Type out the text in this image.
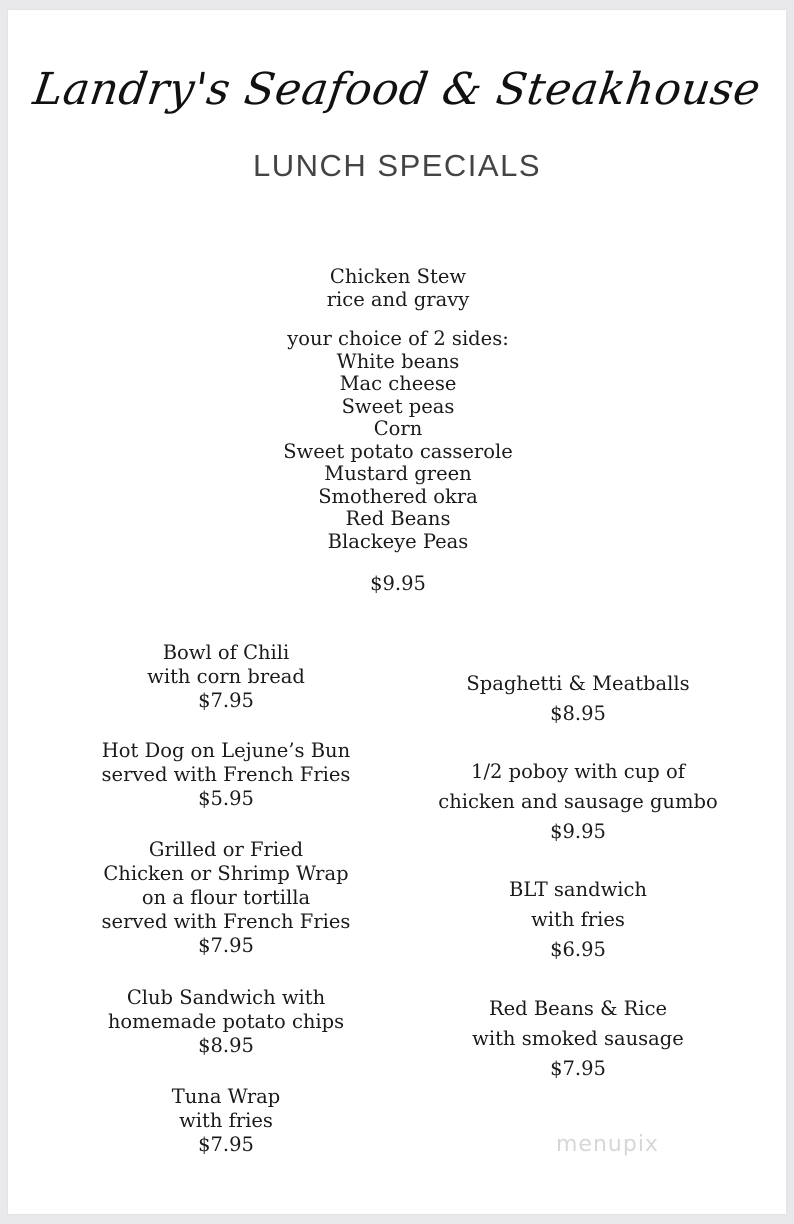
Landry's Seafood & Steakhouse
LUNCH SPECIALS
Chicken Stew
rice and gravy
your choice of 2 sides:
White beans
Mac cheese
Sweet peas
Corn
Sweet potato casserole
Mustard green
Smothered okra
Red Beans
Blackeye Peas
$9.95
Bowl of Chili
with corn bread
$7.95
Hot Dog on Lejune’s Bun
served with French Fries
$5.95
Grilled or Fried
Chicken or Shrimp Wrap
on a flour tortilla
served with French Fries
$7.95
Club Sandwich with
homemade potato chips
$8.95
Tuna Wrap
with fries
$7.95
Spaghetti & Meatballs
$8.95
1/2 poboy with cup of
chicken and sausage gumbo
$9.95
BLT sandwich
with fries
$6.95
Red Beans & Rice
with smoked sausage
$7.95
menupix
